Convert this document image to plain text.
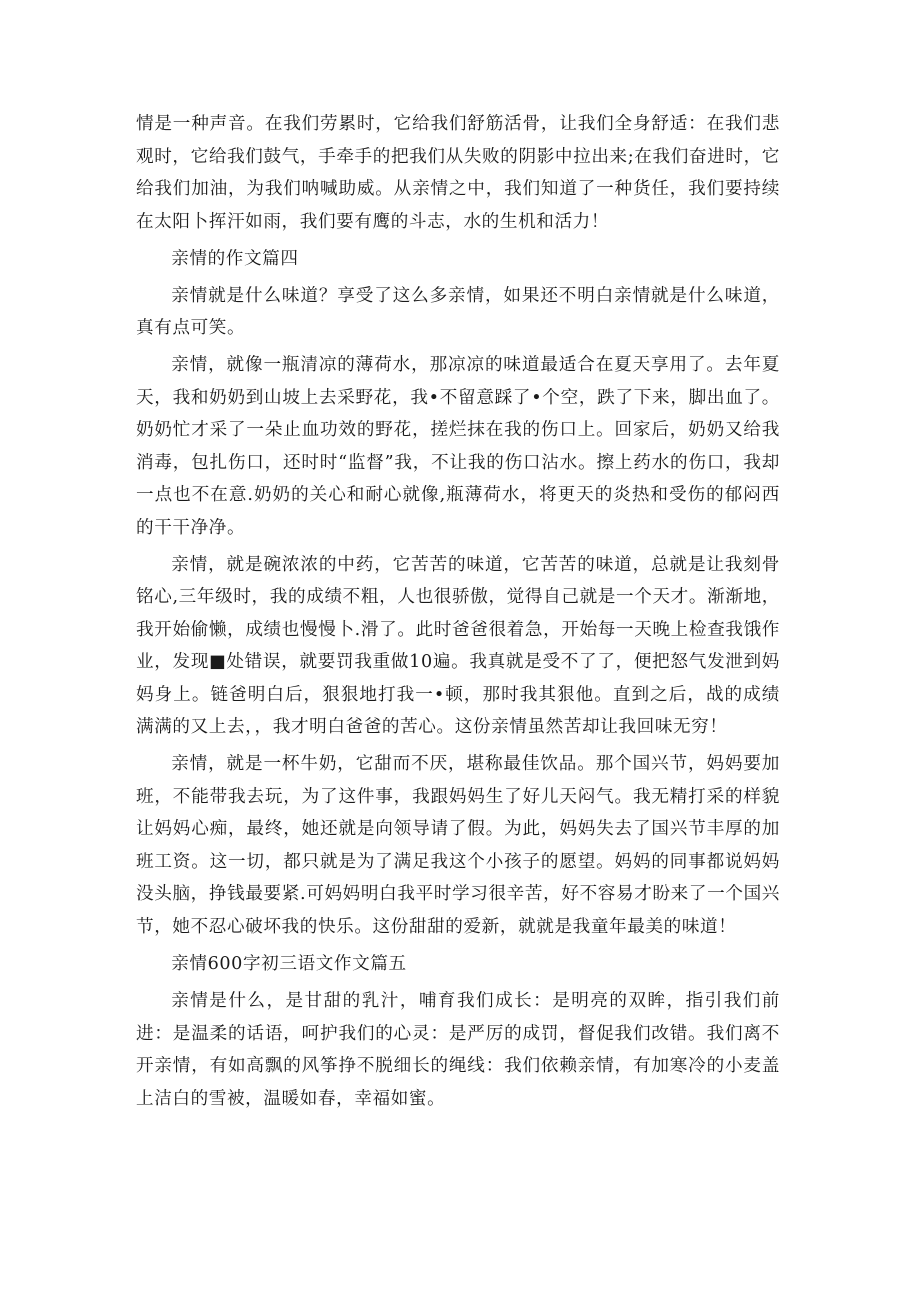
情是一种声音。在我们劳累时，它给我们舒筋活骨，让我们全身舒适：在我们悲观时，它给我们鼓气，手牵手的把我们从失败的阴影中拉出来;在我们奋进时，它给我们加油，为我们呐喊助威。从亲情之中，我们知道了一种货任，我们要持续在太阳卜挥汗如雨，我们要有鹰的斗志，水的生机和活力！

亲情的作文篇四

亲情就是什么味道？享受了这么多亲情，如果还不明白亲情就是什么味道，真有点可笑。

亲情，就像一瓶清凉的薄荷水，那凉凉的味道最适合在夏天享用了。去年夏天，我和奶奶到山坡上去采野花，我•不留意踩了•个空，跌了下来，脚出血了。奶奶忙才采了一朵止血功效的野花，搓烂抹在我的伤口上。回家后，奶奶又给我消毒，包扎伤口，还时时“监督”我，不让我的伤口沾水。擦上药水的伤口，我却一点也不在意.奶奶的关心和耐心就像,瓶薄荷水，将更天的炎热和受伤的郁闷西的干干净净。

亲情，就是碗浓浓的中药，它苦苦的味道，它苦苦的味道，总就是让我刻骨铭心,三年级时，我的成绩不粗，人也很骄傲，觉得自己就是一个天才。渐渐地，我开始偷懒，成绩也慢慢卜.滑了。此时爸爸很着急，开始每一天晚上检查我饿作业，发现■处错误，就要罚我重做10遍。我真就是受不了了，便把怒气发泄到妈妈身上。链爸明白后，狠狠地打我一•顿，那时我其狠他。直到之后，战的成绩满满的又上去，，我才明白爸爸的苦心。这份亲情虽然苦却让我回味无穷！

亲情，就是一杯牛奶，它甜而不厌，堪称最佳饮品。那个国兴节，妈妈要加班，不能带我去玩，为了这件事，我跟妈妈生了好儿天闷气。我无精打采的样貌让妈妈心痴，最终，她还就是向领导请了假。为此，妈妈失去了国兴节丰厚的加班工资。这一切，都只就是为了满足我这个小孩子的愿望。妈妈的同事都说妈妈没头脑，挣钱最要紧.可妈妈明白我平时学习很辛苦，好不容易才盼来了一个国兴节，她不忍心破坏我的快乐。这份甜甜的爱新，就就是我童年最美的味道！

亲情600字初三语文作文篇五

亲情是什么，是甘甜的乳汁，哺育我们成长：是明亮的双眸，指引我们前进：是温柔的话语，呵护我们的心灵：是严厉的成罚，督促我们改错。我们离不开亲情，有如高飘的风筝挣不脱细长的绳线：我们依赖亲情，有加寒冷的小麦盖上洁白的雪被，温暖如春，幸福如蜜。
